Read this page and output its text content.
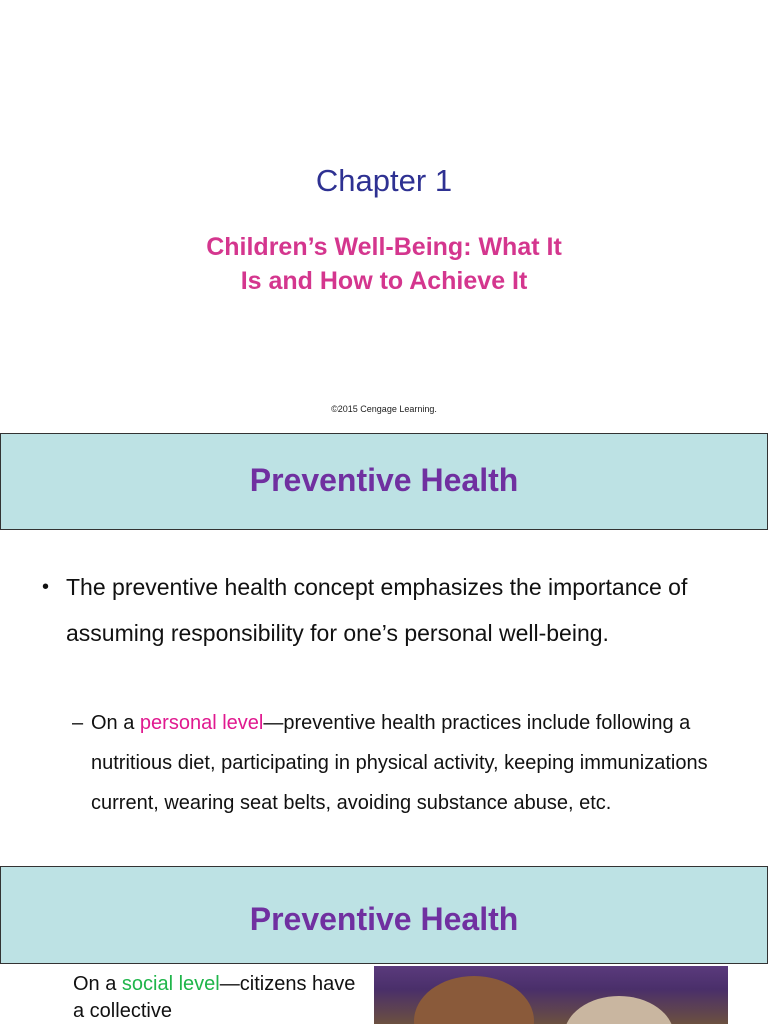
Chapter 1
Children’s Well-Being: What It
Is and How to Achieve It
©2015 Cengage Learning.
Preventive Health
• The preventive health concept emphasizes the importance of assuming responsibility for one’s personal well-being.
– On a personal level—preventive health practices include following a nutritious diet, participating in physical activity, keeping immunizations current, wearing seat belts, avoiding substance abuse, etc.
Preventive Health
On a social level—citizens have a collective
